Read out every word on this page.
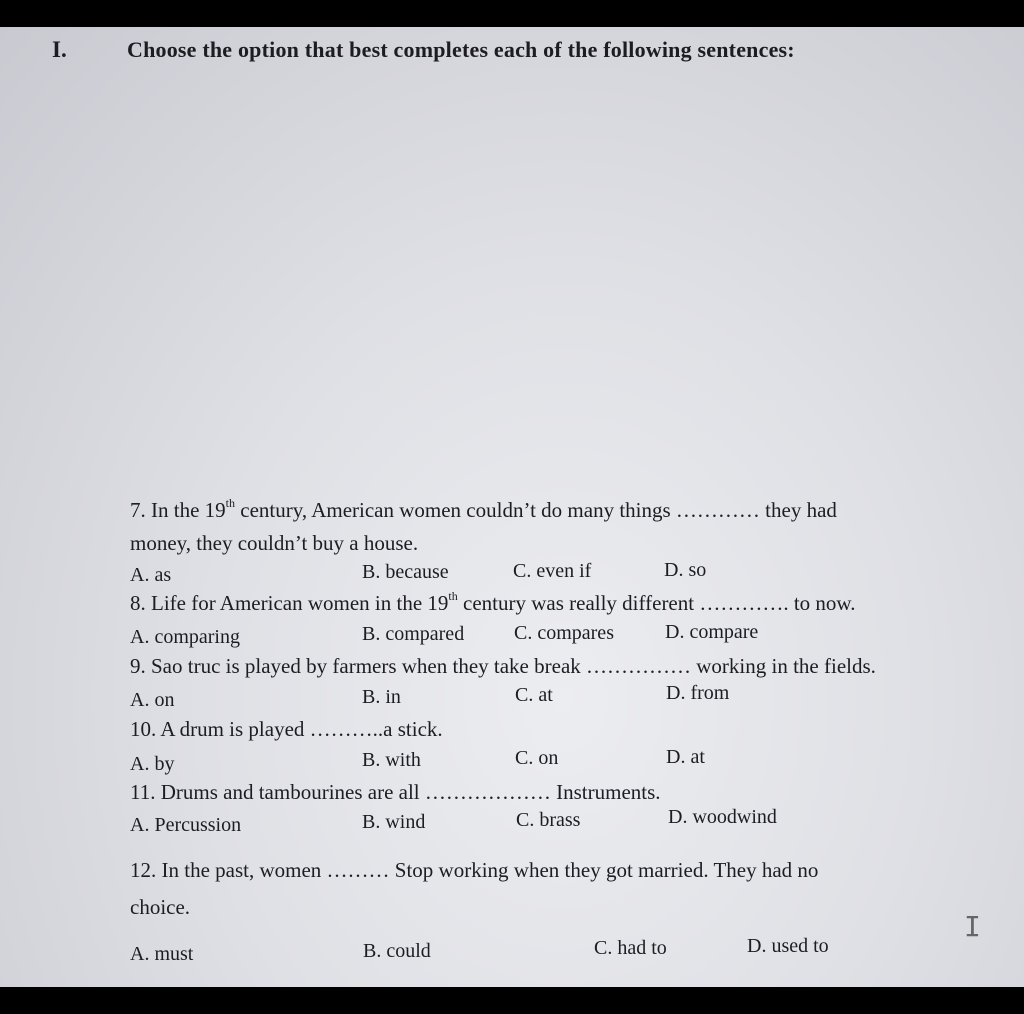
I.	Choose the option that best completes each of the following sentences:
7. In the 19th century, American women couldn’t do many things ………… they had
money, they couldn’t buy a house.
A. as	B. because	C. even if	D. so
8. Life for American women in the 19th century was really different …………. to now.
A. comparing	B. compared C. compares	D. compare
9. Sao truc is played by farmers when they take break …………… working in the fields.
A. on	B. in	C. at	D. from
10. A drum is played ………..a stick.
A. by	B. with	C. on	D. at
11. Drums and tambourines are all ……………… Instruments.
A. Percussion	B. wind	C. brass	D. woodwind
12. In the past, women ……… Stop working when they got married. They had no
choice.
A. must	B. could	C. had to	D. used to
I
